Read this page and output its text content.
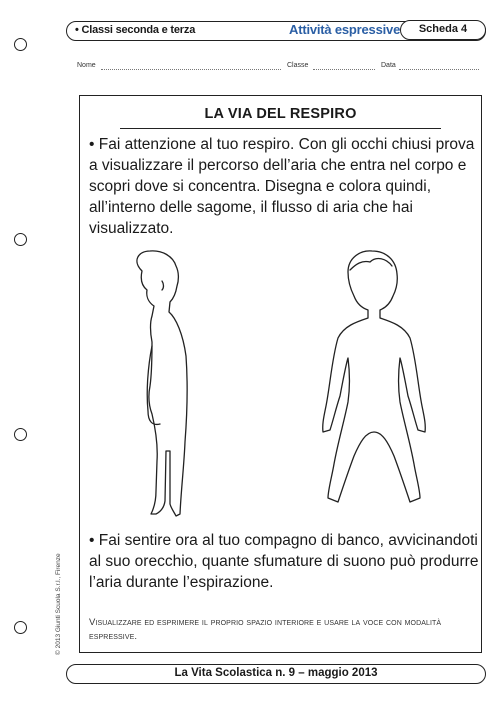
• Classi seconda e terza	Attività espressive	Scheda 4
Nome	Classe	Data
LA VIA DEL RESPIRO
• Fai attenzione al tuo respiro. Con gli occhi chiusi prova a visualizzare il percorso dell’aria che entra nel corpo e scopri dove si concentra. Disegna e colora quindi, all’interno delle sagome, il flusso di aria che hai visualizzato.
• Fai sentire ora al tuo compagno di banco, avvicinandoti al suo orecchio, quante sfumature di suono può produrre l’aria durante l’espirazione.
Visualizzare ed esprimere il proprio spazio interiore e usare la voce con modalità espressive.
© 2013 Giunti Scuola S.r.l., Firenze
La Vita Scolastica n. 9 – maggio 2013
